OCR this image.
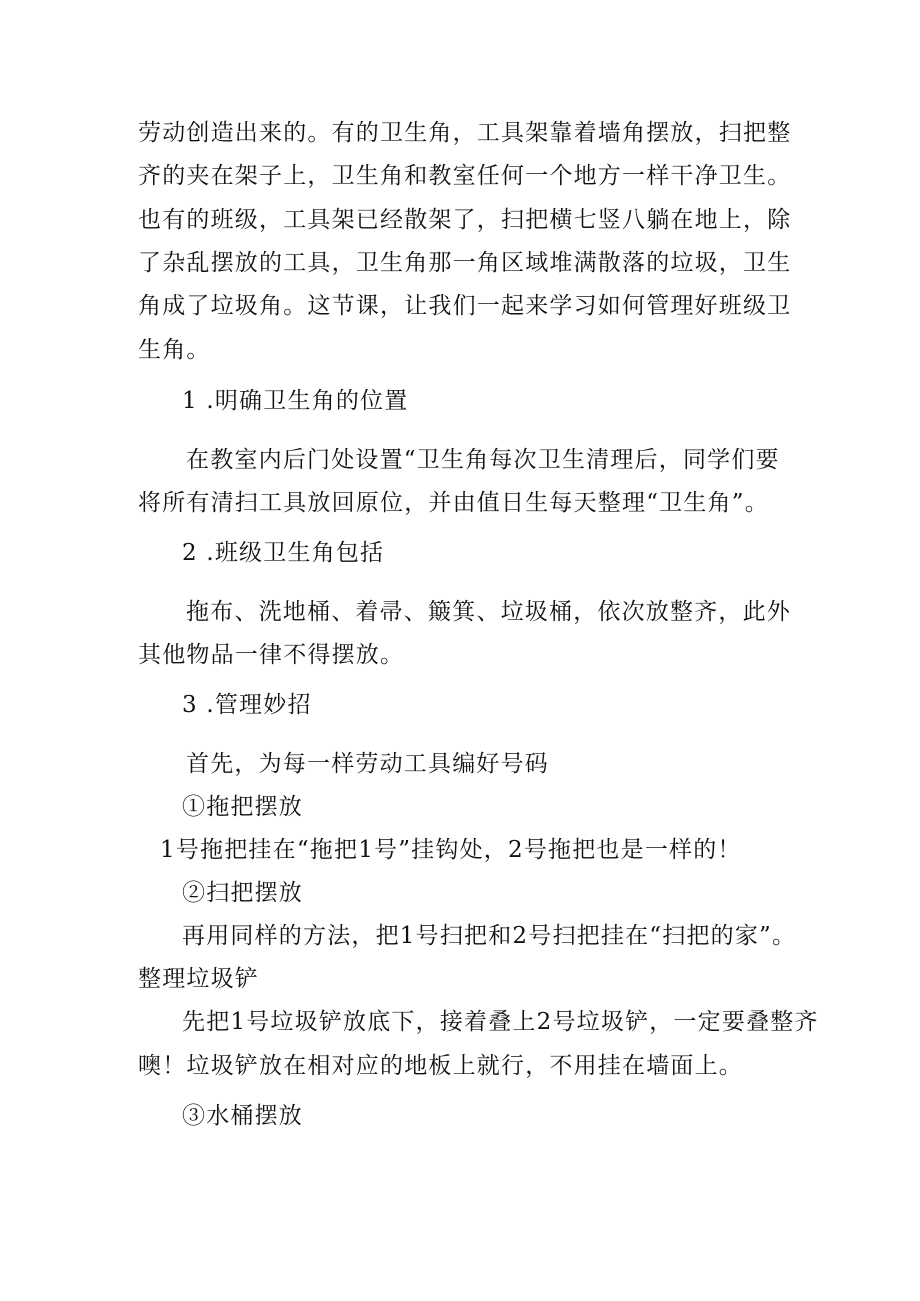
劳动创造出来的。有的卫生角，工具架靠着墙角摆放，扫把整
齐的夹在架子上，卫生角和教室任何一个地方一样干净卫生。
也有的班级，工具架已经散架了，扫把横七竖八躺在地上，除
了杂乱摆放的工具，卫生角那一角区域堆满散落的垃圾，卫生
角成了垃圾角。这节课，让我们一起来学习如何管理好班级卫
生角。
1 .明确卫生角的位置
在教室内后门处设置“卫生角每次卫生清理后，同学们要
将所有清扫工具放回原位，并由值日生每天整理“卫生角”。
2 .班级卫生角包括
拖布、洗地桶、着帚、簸箕、垃圾桶，依次放整齐，此外
其他物品一律不得摆放。
3 .管理妙招
首先，为每一样劳动工具编好号码
①拖把摆放
1号拖把挂在“拖把1号”挂钩处，2号拖把也是一样的！
②扫把摆放
再用同样的方法，把1号扫把和2号扫把挂在“扫把的家”。
整理垃圾铲
先把1号垃圾铲放底下，接着叠上2号垃圾铲，一定要叠整齐
噢！垃圾铲放在相对应的地板上就行，不用挂在墙面上。
③水桶摆放
